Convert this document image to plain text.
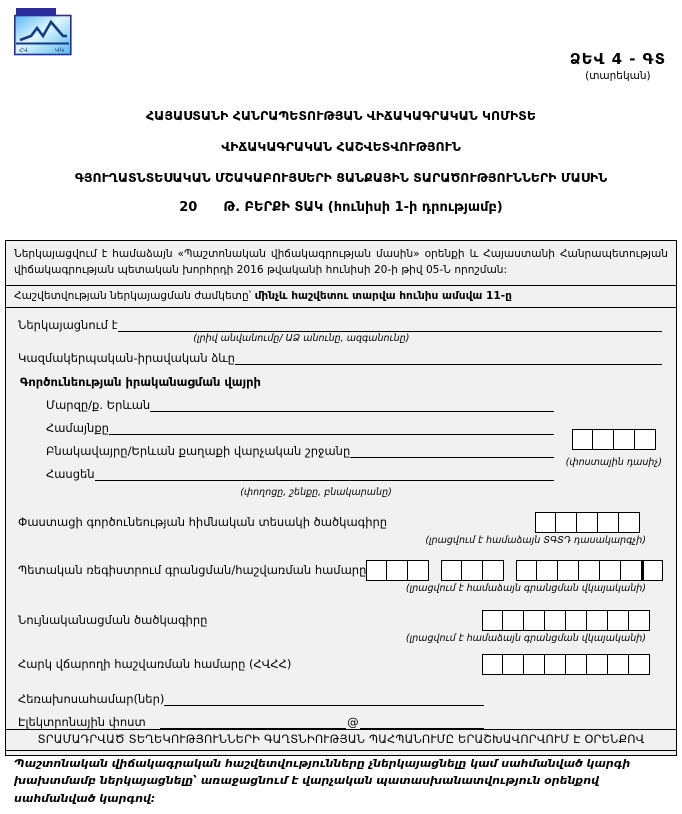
ՀՎ	ՎԿ	ՁԵՎ 4 - ԳՏ
(տարեկան)
ՀԱՅԱՍՏԱՆԻ ՀԱՆՐԱՊԵՏՈՒԹՅԱՆ ՎԻՃԱԿԱԳՐԱԿԱՆ ԿՈՄԻՏԵ
ՎԻՃԱԿԱԳՐԱԿԱՆ ՀԱՇՎԵՏՎՈՒԹՅՈՒՆ
ԳՅՈՒՂԱՏՆՏԵՍԱԿԱՆ ՄՇԱԿԱԲՈՒՅՍԵՐԻ ՑԱՆՔԱՅԻՆ ՏԱՐԱԾՈՒԹՅՈՒՆՆԵՐԻ ՄԱՍԻՆ
20 Թ. ԲԵՐՔԻ ՏԱԿ (հունիսի 1-ի դրությամբ)
Ներկայացվում է համաձայն «Պաշտոնական վիճակագրության մասին» օրենքի և Հայաստանի Հանրապետության վիճակագրության պետական խորհրդի 2016 թվականի հունիսի 20-ի թիվ 05-Ն որոշման:
Հաշվետվության ներկայացման ժամկետը՝ մինչև հաշվետու տարվա հունիս ամսվա 11-ը
Ներկայացնում է
(լրիվ անվանումը/ ԱՁ անունը, ազգանունը)
Կազմակերպական-իրավական ձևը
Գործունեության իրականացման վայրի
Մարզը/ք. Երևան
Համայնքը
Բնակավայրը/Երևան քաղաքի վարչական շրջանը
Հասցեն
(փողոցը, շենքը, բնակարանը)
(փոստային դասիչ)
Փաստացի գործունեության հիմնական տեսակի ծածկագիրը
(լրացվում է համաձայն ՏԳՏԴ դասակարգչի)
Պետական ռեգիստրում գրանցման/հաշվառման համարը
(լրացվում է համաձայն գրանցման վկայականի)
Նույնականացման ծածկագիրը
(լրացվում է համաձայն գրանցման վկայականի)
Հարկ վճարողի հաշվառման համարը (ՀՎՀՀ)
Հեռախոսահամար(ներ)
Էլեկտրոնային փոստ	@
ՏՐԱՄԱԴՐՎԱԾ ՏԵՂԵԿՈՒԹՅՈՒՆՆԵՐԻ ԳԱՂՏՆԻՈՒԹՅԱՆ ՊԱՀՊԱՆՈՒՄԸ ԵՐԱՇԽԱՎՈՐՎՈՒՄ Է ՕՐԵՆՔՈՎ
Պաշտոնական վիճակագրական հաշվետվությունները չներկայացնելը կամ սահմանված կարգի խախտմամբ ներկայացնելը՝ առաջացնում է վարչական պատասխանատվություն օրենքով սահմանված կարգով:
